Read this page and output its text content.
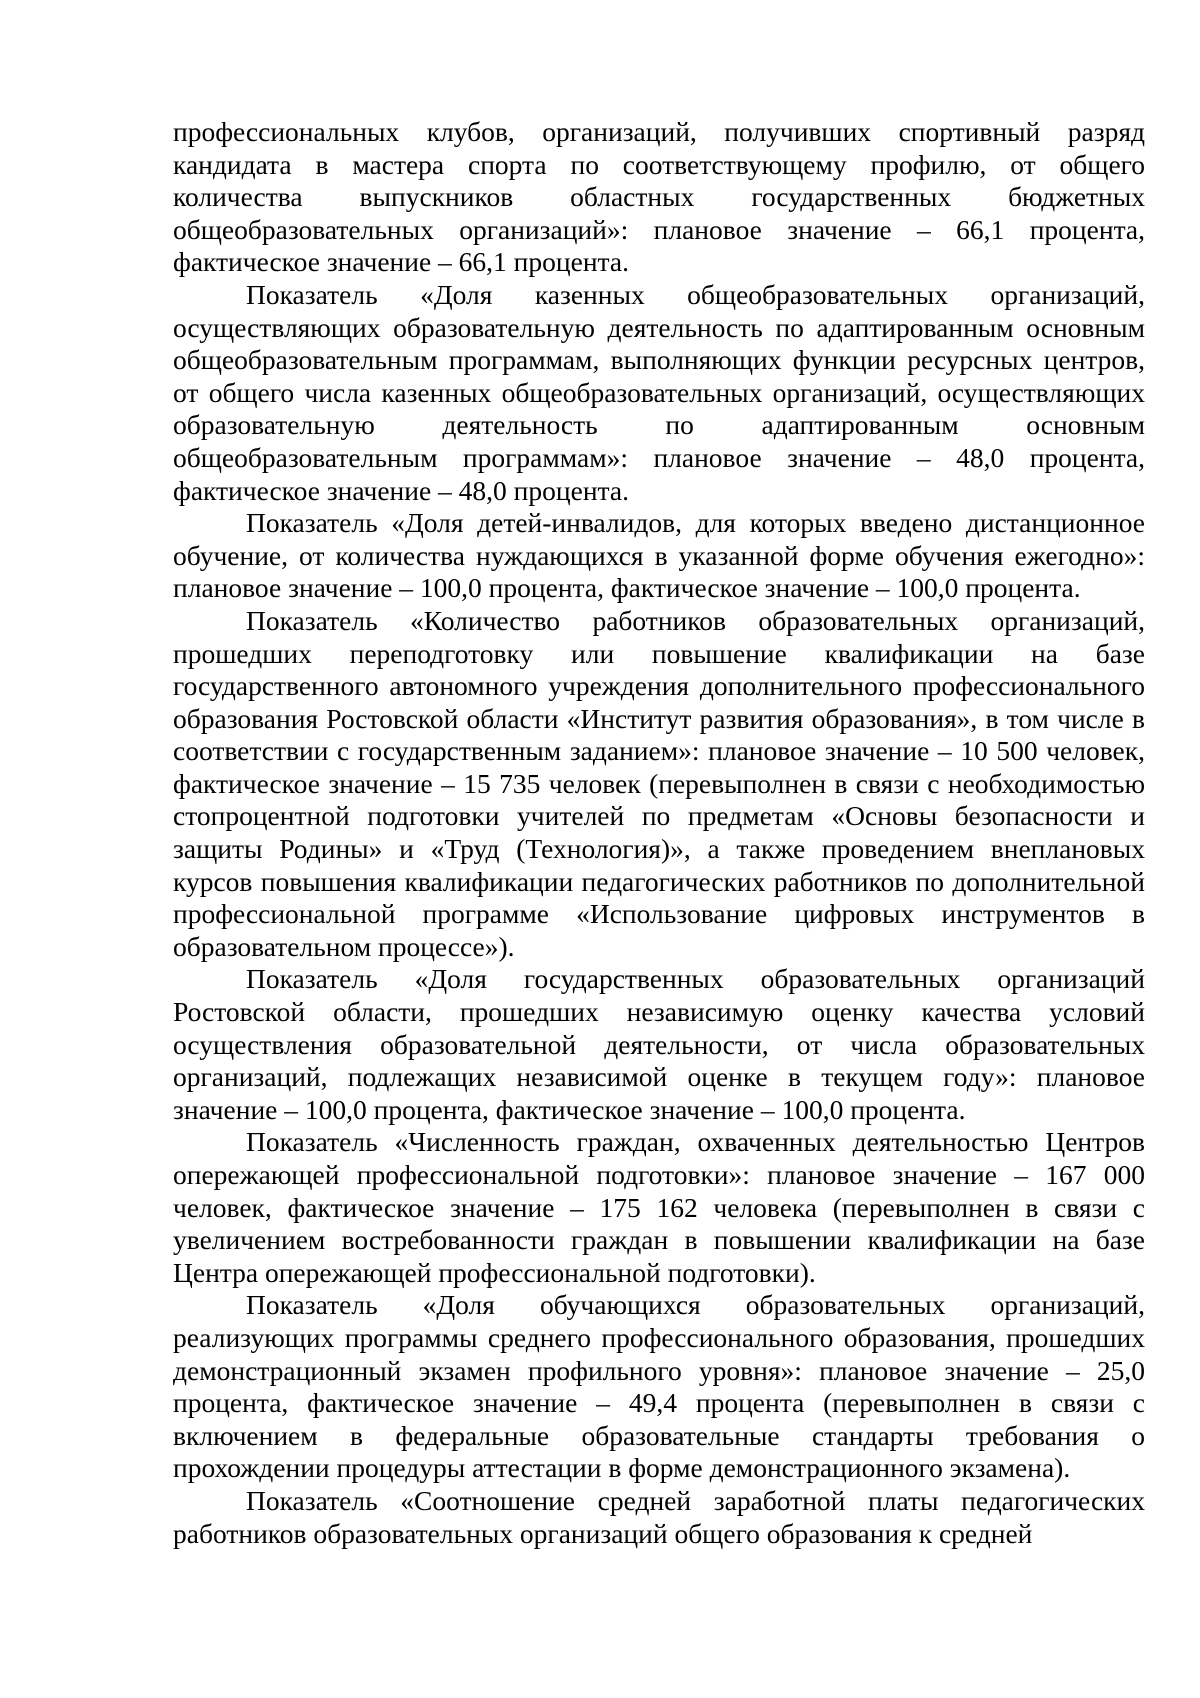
профессиональных клубов, организаций, получивших спортивный разряд кандидата в мастера спорта по соответствующему профилю, от общего количества выпускников областных государственных бюджетных общеобразовательных организаций»: плановое значение – 66,1 процента, фактическое значение – 66,1 процента.

Показатель «Доля казенных общеобразовательных организаций, осуществляющих образовательную деятельность по адаптированным основным общеобразовательным программам, выполняющих функции ресурсных центров, от общего числа казенных общеобразовательных организаций, осуществляющих образовательную деятельность по адаптированным основным общеобразовательным программам»: плановое значение – 48,0 процента, фактическое значение – 48,0 процента.

Показатель «Доля детей-инвалидов, для которых введено дистанционное обучение, от количества нуждающихся в указанной форме обучения ежегодно»: плановое значение – 100,0 процента, фактическое значение – 100,0 процента.

Показатель «Количество работников образовательных организаций, прошедших переподготовку или повышение квалификации на базе государственного автономного учреждения дополнительного профессионального образования Ростовской области «Институт развития образования», в том числе в соответствии с государственным заданием»: плановое значение – 10 500 человек, фактическое значение – 15 735 человек (перевыполнен в связи с необходимостью стопроцентной подготовки учителей по предметам «Основы безопасности и защиты Родины» и «Труд (Технология)», а также проведением внеплановых курсов повышения квалификации педагогических работников по дополнительной профессиональной программе «Использование цифровых инструментов в образовательном процессе»).

Показатель «Доля государственных образовательных организаций Ростовской области, прошедших независимую оценку качества условий осуществления образовательной деятельности, от числа образовательных организаций, подлежащих независимой оценке в текущем году»: плановое значение – 100,0 процента, фактическое значение – 100,0 процента.

Показатель «Численность граждан, охваченных деятельностью Центров опережающей профессиональной подготовки»: плановое значение – 167 000 человек, фактическое значение – 175 162 человека (перевыполнен в связи с увеличением востребованности граждан в повышении квалификации на базе Центра опережающей профессиональной подготовки).

Показатель «Доля обучающихся образовательных организаций, реализующих программы среднего профессионального образования, прошедших демонстрационный экзамен профильного уровня»: плановое значение – 25,0 процента, фактическое значение – 49,4 процента (перевыполнен в связи с включением в федеральные образовательные стандарты требования о прохождении процедуры аттестации в форме демонстрационного экзамена).

Показатель «Соотношение средней заработной платы педагогических работников образовательных организаций общего образования к средней
